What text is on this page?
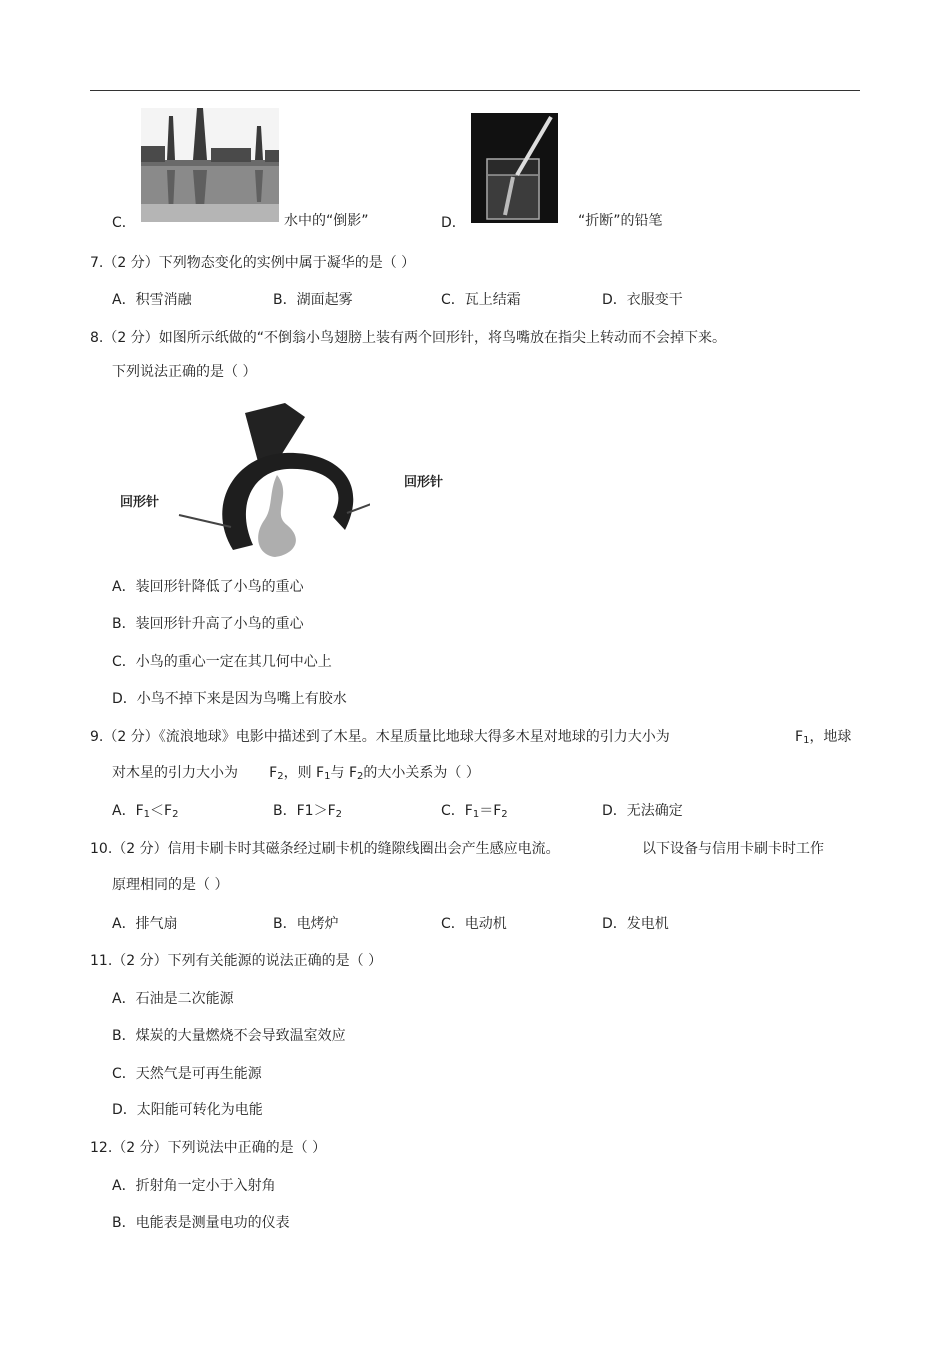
C．	水中的“倒影”	D．	“折断”的铅笔
7.（2 分）下列物态变化的实例中属于凝华的是（ ）
A．积雪消融	B．湖面起雾	C．瓦上结霜	D．衣服变干
8.（2 分）如图所示纸做的“不倒翁小鸟翅膀上装有两个回形针，将鸟嘴放在指尖上转动而不会掉下来。
下列说法正确的是（ ）
回形针
回形针
A．装回形针降低了小鸟的重心
B．装回形针升高了小鸟的重心
C．小鸟的重心一定在其几何中心上
D．小鸟不掉下来是因为鸟嘴上有胶水
9.（2 分）《流浪地球》电影中描述到了木星。木星质量比地球大得多木星对地球的引力大小为	$F_1$，地球
对木星的引力大小为 $F_2$，则 $F_1$与 $F_2$的大小关系为（ ）
A．$F_1<F_2$	B．$F1>F_2$	C．$F_1=F_2$	D．无法确定
10.（2 分）信用卡刷卡时其磁条经过刷卡机的缝隙线圈出会产生感应电流。	以下设备与信用卡刷卡时工作
原理相同的是（ ）
A．排气扇	B．电烤炉	C．电动机	D．发电机
11.（2 分）下列有关能源的说法正确的是（ ）
A．石油是二次能源
B．煤炭的大量燃烧不会导致温室效应
C．天然气是可再生能源
D．太阳能可转化为电能
12.（2 分）下列说法中正确的是（ ）
A．折射角一定小于入射角
B．电能表是测量电功的仪表
